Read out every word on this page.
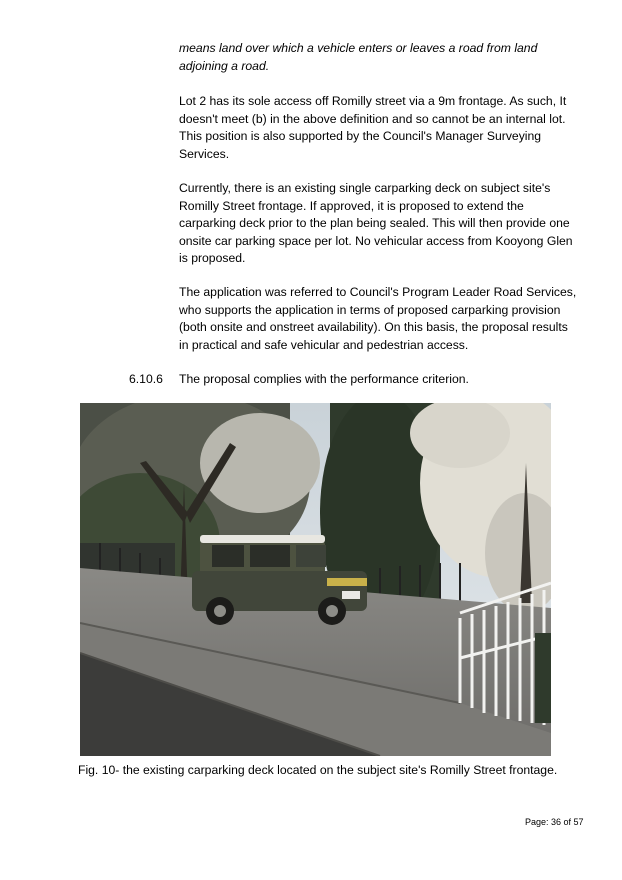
means land over which a vehicle enters or leaves a road from land adjoining a road.

Lot 2 has its sole access off Romilly street via a 9m frontage. As such, It doesn't meet (b) in the above definition and so cannot be an internal lot. This position is also supported by the Council's Manager Surveying Services.

Currently, there is an existing single carparking deck on subject site's Romilly Street frontage. If approved, it is proposed to extend the carparking deck prior to the plan being sealed. This will then provide one onsite car parking space per lot. No vehicular access from Kooyong Glen is proposed.

The application was referred to Council's Program Leader Road Services, who supports the application in terms of proposed carparking provision (both onsite and onstreet availability). On this basis, the proposal results in practical and safe vehicular and pedestrian access.

6.10.6 The proposal complies with the performance criterion.
Fig. 10- the existing carparking deck located on the subject site's Romilly Street frontage.
Page: 36 of 57
